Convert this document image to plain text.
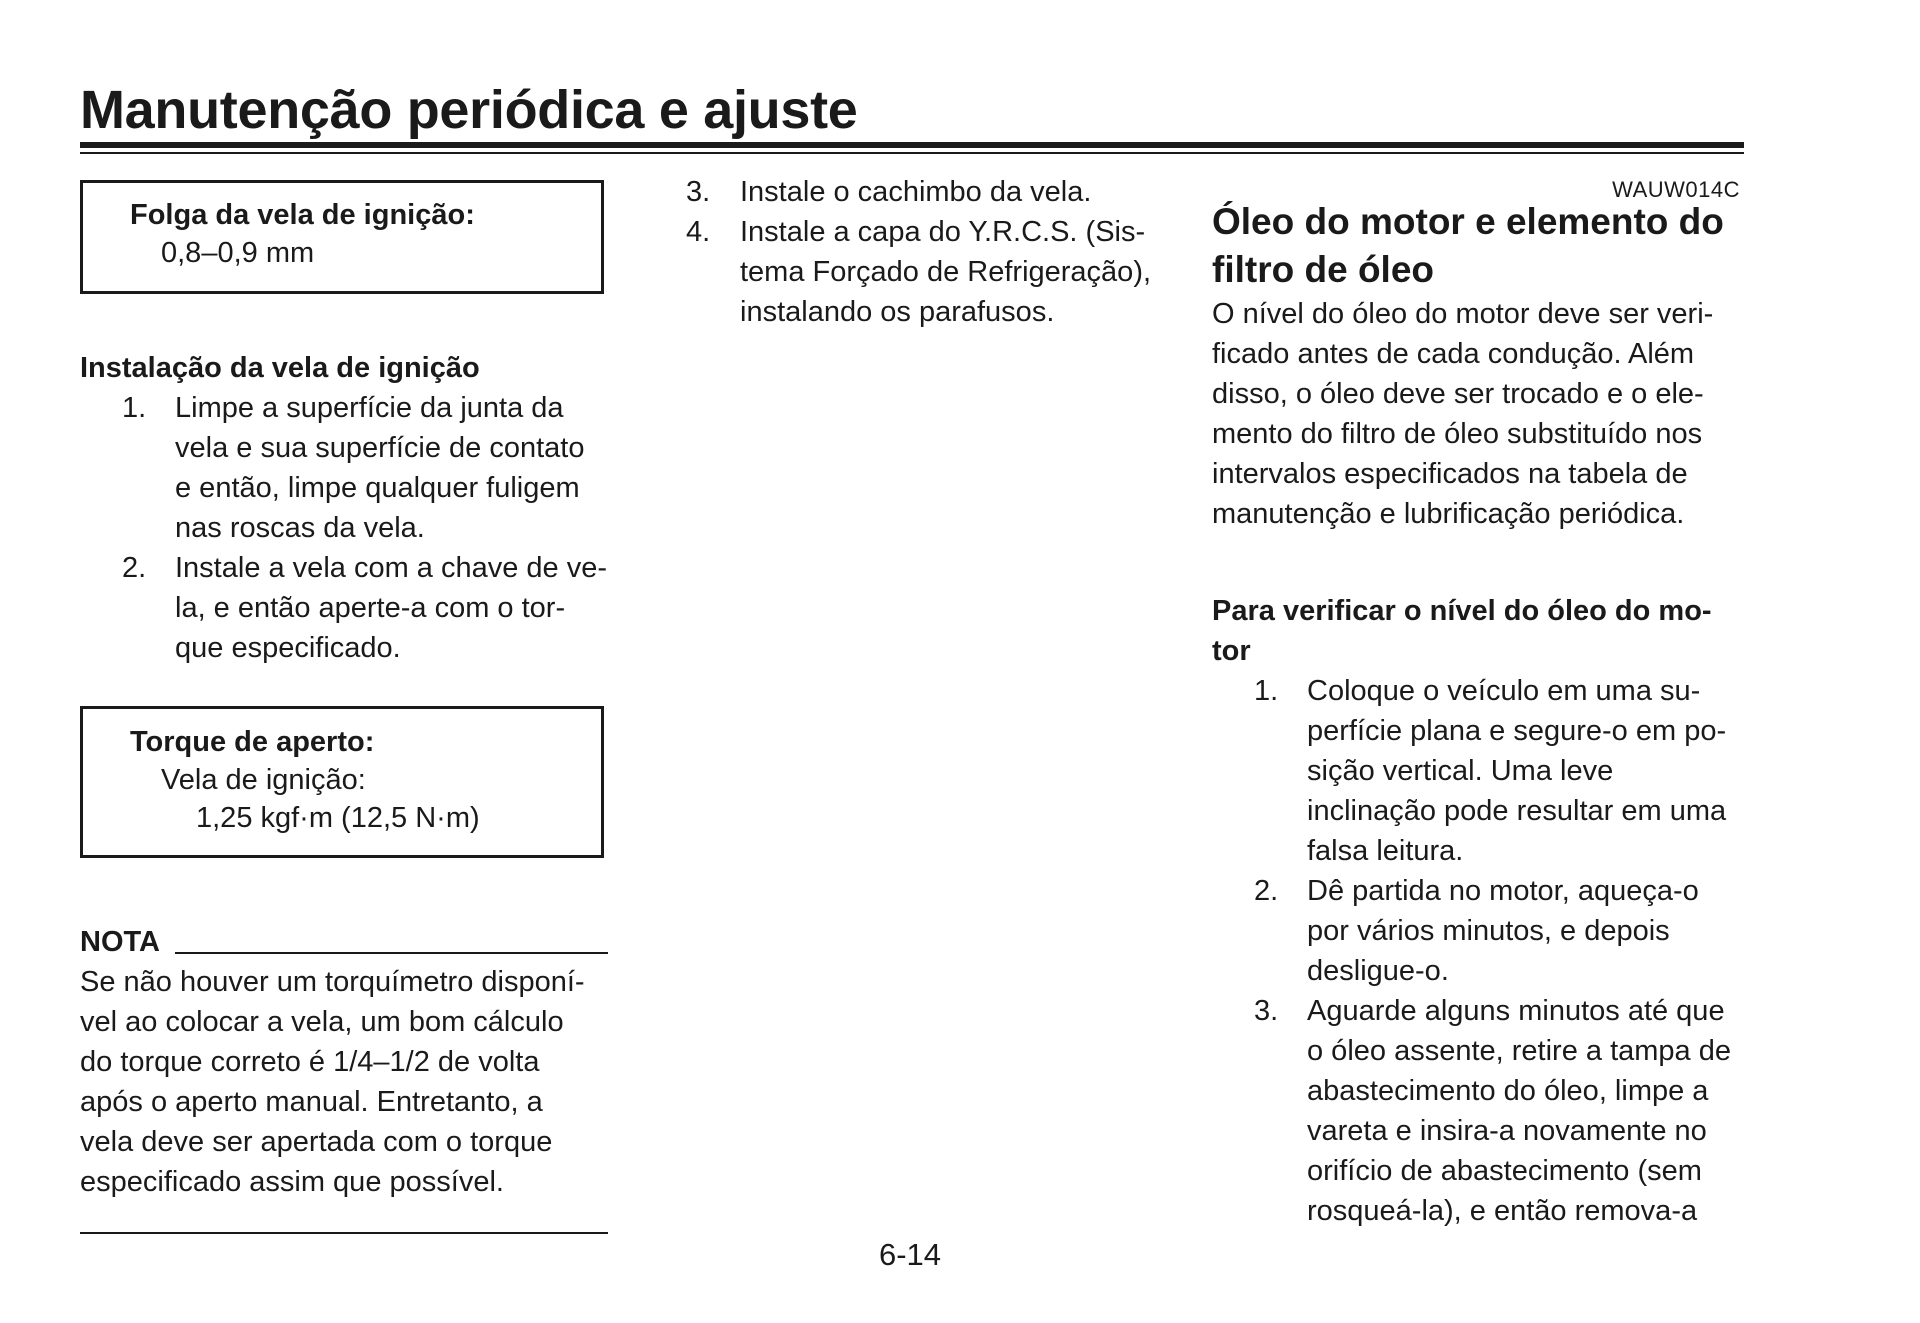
Manutenção periódica e ajuste
Folga da vela de ignição:
0,8–0,9 mm
Instalação da vela de ignição
1. Limpe a superfície da junta da
vela e sua superfície de contato
e então, limpe qualquer fuligem
nas roscas da vela.
2. Instale a vela com a chave de ve-
la, e então aperte-a com o tor-
que especificado.
Torque de aperto:
Vela de ignição:
1,25 kgf·m (12,5 N·m)
NOTA
Se não houver um torquímetro disponí-
vel ao colocar a vela, um bom cálculo
do torque correto é 1/4–1/2 de volta
após o aperto manual. Entretanto, a
vela deve ser apertada com o torque
especificado assim que possível.
3. Instale o cachimbo da vela.
4. Instale a capa do Y.R.C.S. (Sis-
tema Forçado de Refrigeração),
instalando os parafusos.
WAUW014C
Óleo do motor e elemento do
filtro de óleo
O nível do óleo do motor deve ser veri-
ficado antes de cada condução. Além
disso, o óleo deve ser trocado e o ele-
mento do filtro de óleo substituído nos
intervalos especificados na tabela de
manutenção e lubrificação periódica.
Para verificar o nível do óleo do mo-
tor
1. Coloque o veículo em uma su-
perfície plana e segure-o em po-
sição vertical. Uma leve
inclinação pode resultar em uma
falsa leitura.
2. Dê partida no motor, aqueça-o
por vários minutos, e depois
desligue-o.
3. Aguarde alguns minutos até que
o óleo assente, retire a tampa de
abastecimento do óleo, limpe a
vareta e insira-a novamente no
orifício de abastecimento (sem
rosqueá-la), e então remova-a
6-14
